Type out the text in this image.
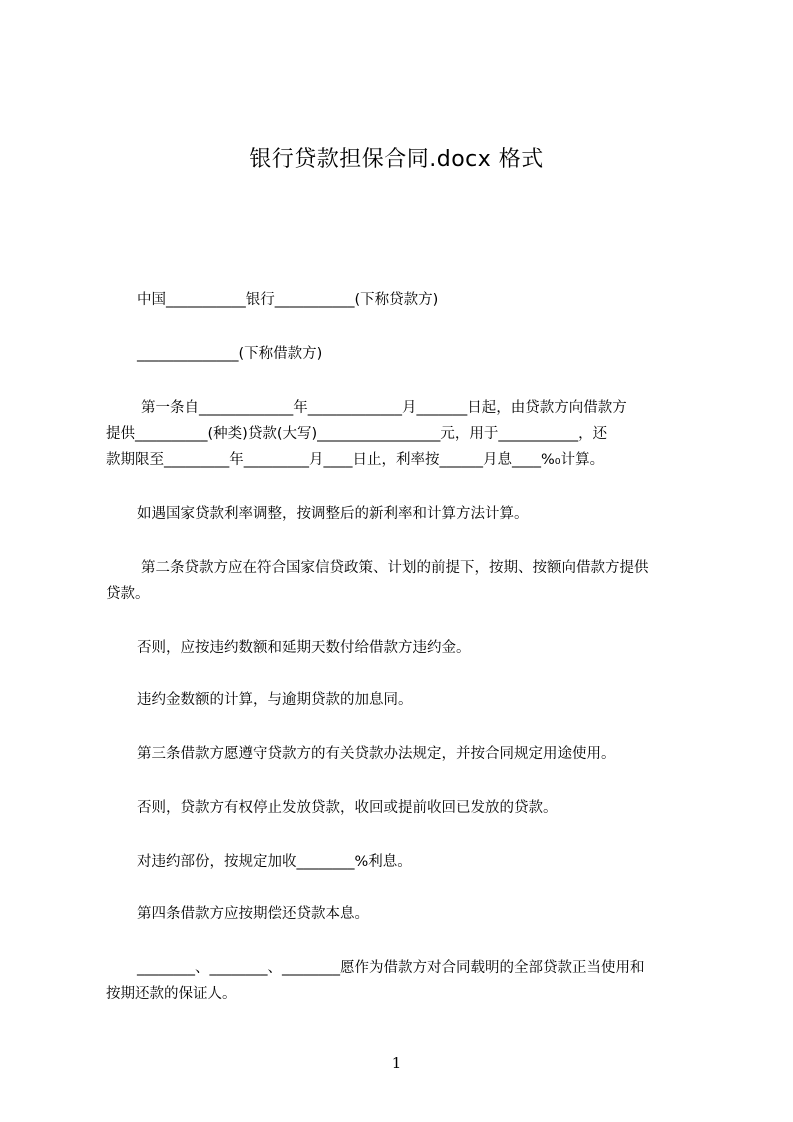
银行贷款担保合同.docx 格式
中国___________银行___________(下称贷款方)
______________(下称借款方)
第一条自_____________年_____________月_______日起，由贷款方向借款方
提供__________(种类)贷款(大写)_________________元，用于___________，还
款期限至_________年_________月____日止，利率按______月息____%₀计算。
如遇国家贷款利率调整，按调整后的新利率和计算方法计算。
第二条贷款方应在符合国家信贷政策、计划的前提下，按期、按额向借款方提供
贷款。
否则，应按违约数额和延期天数付给借款方违约金。
违约金数额的计算，与逾期贷款的加息同。
第三条借款方愿遵守贷款方的有关贷款办法规定，并按合同规定用途使用。
否则，贷款方有权停止发放贷款，收回或提前收回已发放的贷款。
对违约部份，按规定加收________%利息。
第四条借款方应按期偿还贷款本息。
________、________、________愿作为借款方对合同载明的全部贷款正当使用和
按期还款的保证人。
1
